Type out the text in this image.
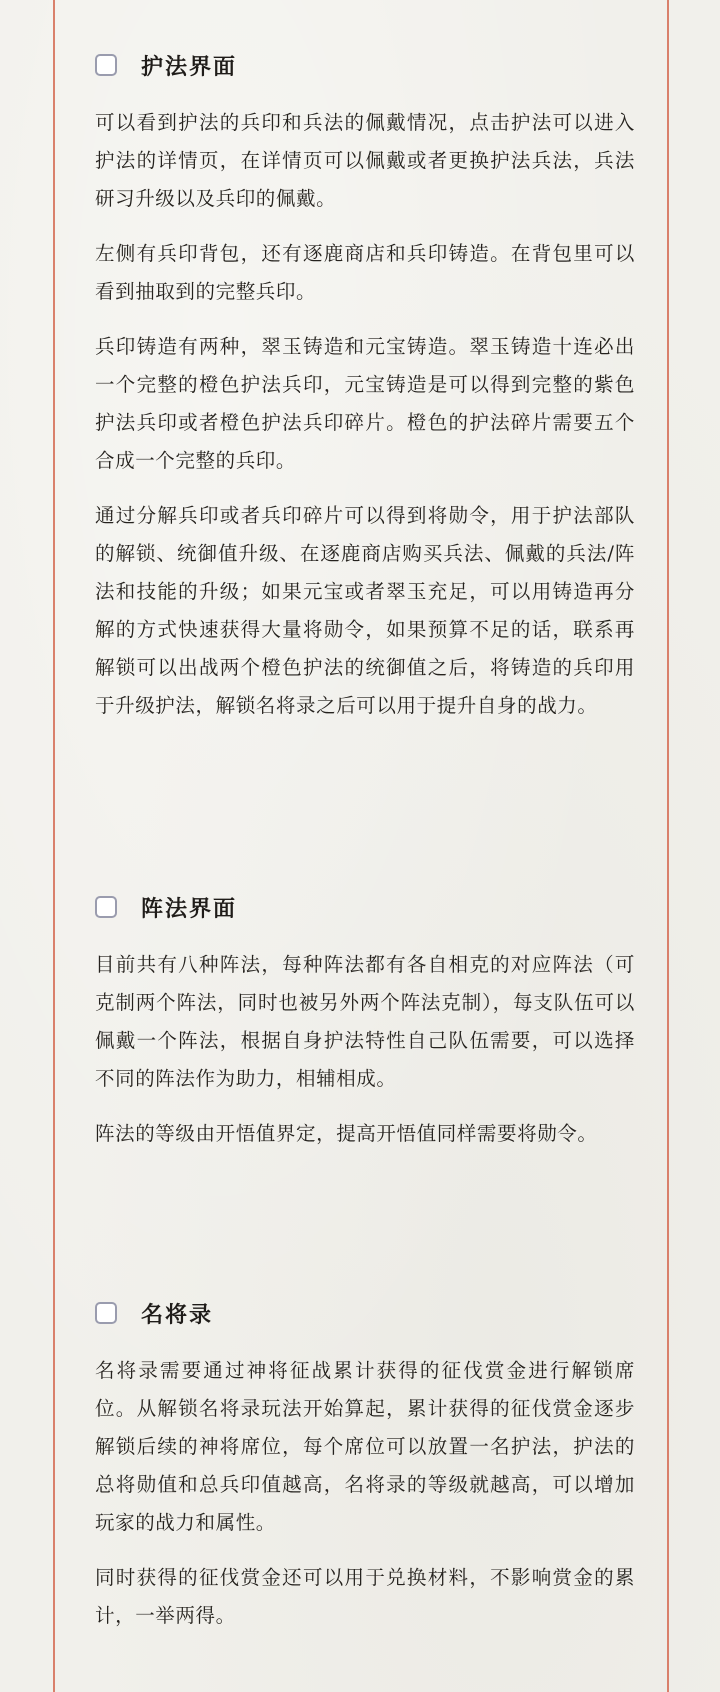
护法界面

可以看到护法的兵印和兵法的佩戴情况，点击护法可以进入护法的详情页，在详情页可以佩戴或者更换护法兵法，兵法研习升级以及兵印的佩戴。

左侧有兵印背包，还有逐鹿商店和兵印铸造。在背包里可以看到抽取到的完整兵印。

兵印铸造有两种，翠玉铸造和元宝铸造。翠玉铸造十连必出一个完整的橙色护法兵印，元宝铸造是可以得到完整的紫色护法兵印或者橙色护法兵印碎片。橙色的护法碎片需要五个合成一个完整的兵印。

通过分解兵印或者兵印碎片可以得到将勋令，用于护法部队的解锁、统御值升级、在逐鹿商店购买兵法、佩戴的兵法/阵法和技能的升级；如果元宝或者翠玉充足，可以用铸造再分解的方式快速获得大量将勋令，如果预算不足的话，联系再解锁可以出战两个橙色护法的统御值之后，将铸造的兵印用于升级护法，解锁名将录之后可以用于提升自身的战力。

阵法界面

目前共有八种阵法，每种阵法都有各自相克的对应阵法（可克制两个阵法，同时也被另外两个阵法克制），每支队伍可以佩戴一个阵法，根据自身护法特性自己队伍需要，可以选择不同的阵法作为助力，相辅相成。

阵法的等级由开悟值界定，提高开悟值同样需要将勋令。

名将录

名将录需要通过神将征战累计获得的征伐赏金进行解锁席位。从解锁名将录玩法开始算起，累计获得的征伐赏金逐步解锁后续的神将席位，每个席位可以放置一名护法，护法的总将勋值和总兵印值越高，名将录的等级就越高，可以增加玩家的战力和属性。

同时获得的征伐赏金还可以用于兑换材料，不影响赏金的累计，一举两得。
